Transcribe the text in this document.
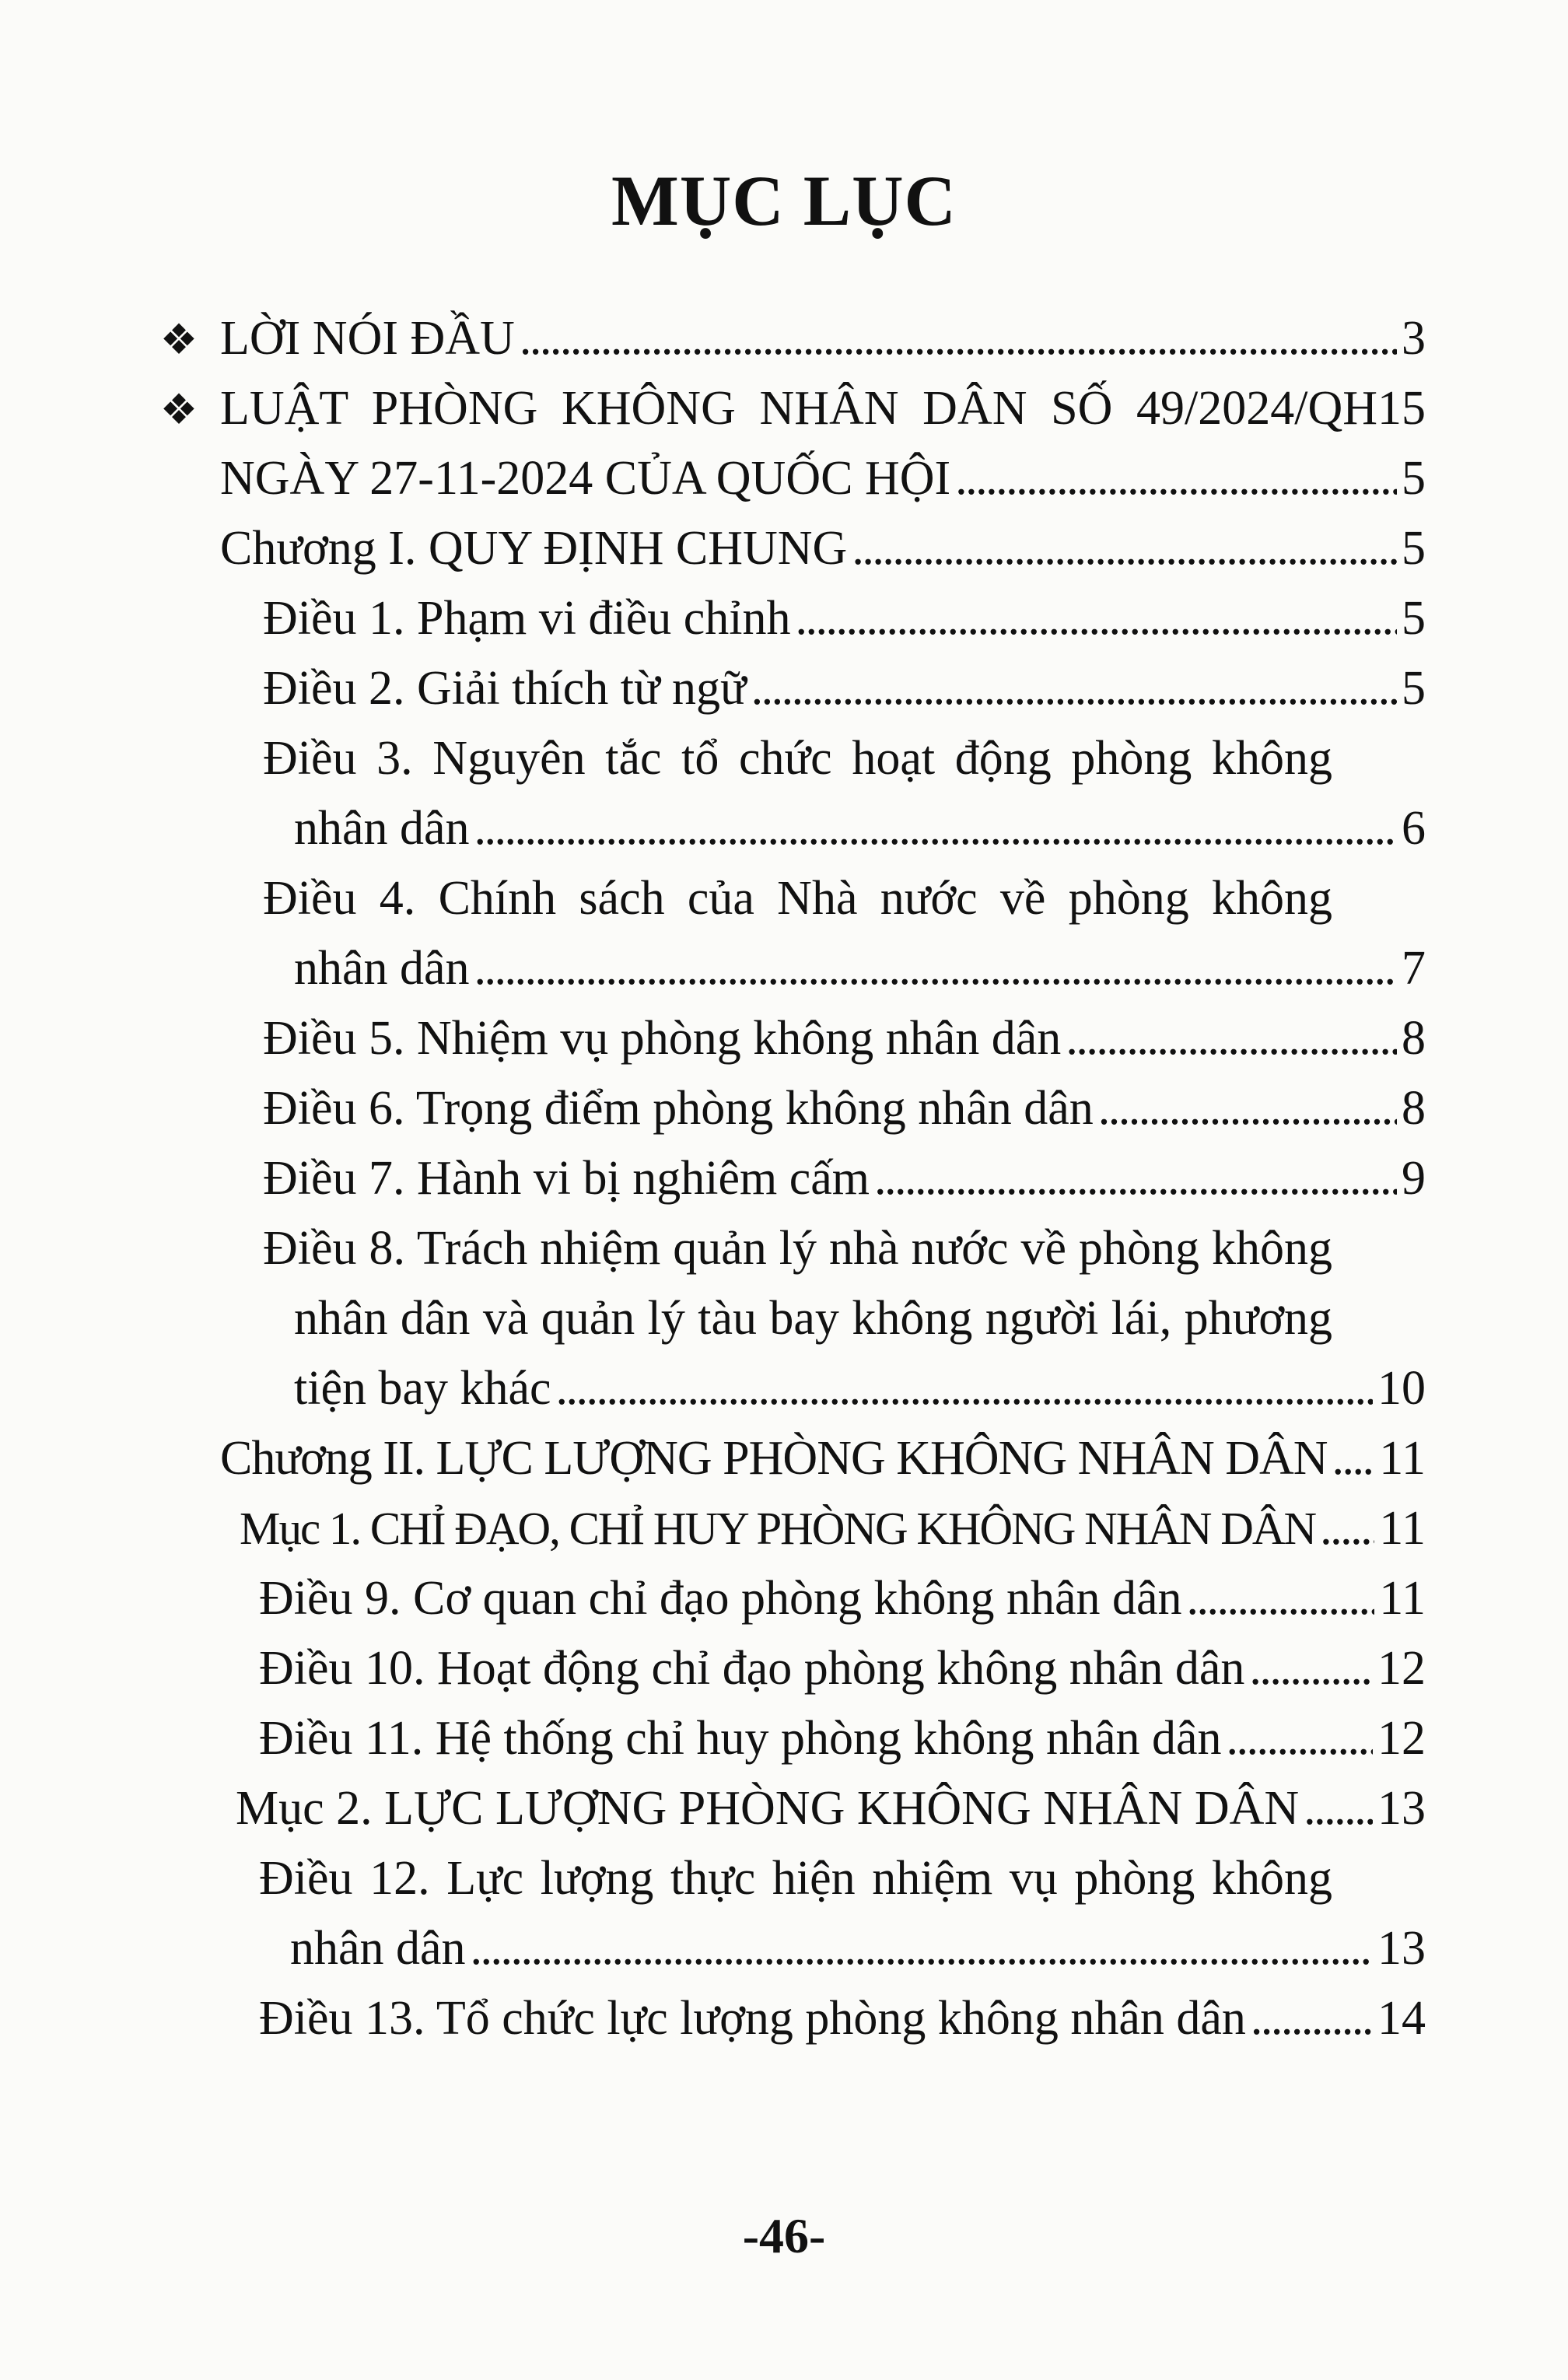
MỤC LỤC
❖ LỜI NÓI ĐẦU . . .	3
❖ LUẬT PHÒNG KHÔNG NHÂN DÂN SỐ 49/2024/QH15
NGÀY 27-11-2024 CỦA QUỐC HỘI . . .	5
Chương I. QUY ĐỊNH CHUNG . . .	5
Điều 1. Phạm vi điều chỉnh . . .	5
Điều 2. Giải thích từ ngữ . . .	5
Điều 3. Nguyên tắc tổ chức hoạt động phòng không
nhân dân . . .	6
Điều 4. Chính sách của Nhà nước về phòng không
nhân dân . . .	7
Điều 5. Nhiệm vụ phòng không nhân dân . . .	8
Điều 6. Trọng điểm phòng không nhân dân . . .	8
Điều 7. Hành vi bị nghiêm cấm . . .	9
Điều 8. Trách nhiệm quản lý nhà nước về phòng không
nhân dân và quản lý tàu bay không người lái, phương
tiện bay khác . . .	10
Chương II. LỰC LƯỢNG PHÒNG KHÔNG NHÂN DÂN . . . 11
Mục 1. CHỈ ĐẠO, CHỈ HUY PHÒNG KHÔNG NHÂN DÂN . . . 11
Điều 9. Cơ quan chỉ đạo phòng không nhân dân . . .	11
Điều 10. Hoạt động chỉ đạo phòng không nhân dân . . .	12
Điều 11. Hệ thống chỉ huy phòng không nhân dân . . .	12
Mục 2. LỰC LƯỢNG PHÒNG KHÔNG NHÂN DÂN . . . 13
Điều 12. Lực lượng thực hiện nhiệm vụ phòng không
nhân dân . . .	13
Điều 13. Tổ chức lực lượng phòng không nhân dân . . .	14
-46-
